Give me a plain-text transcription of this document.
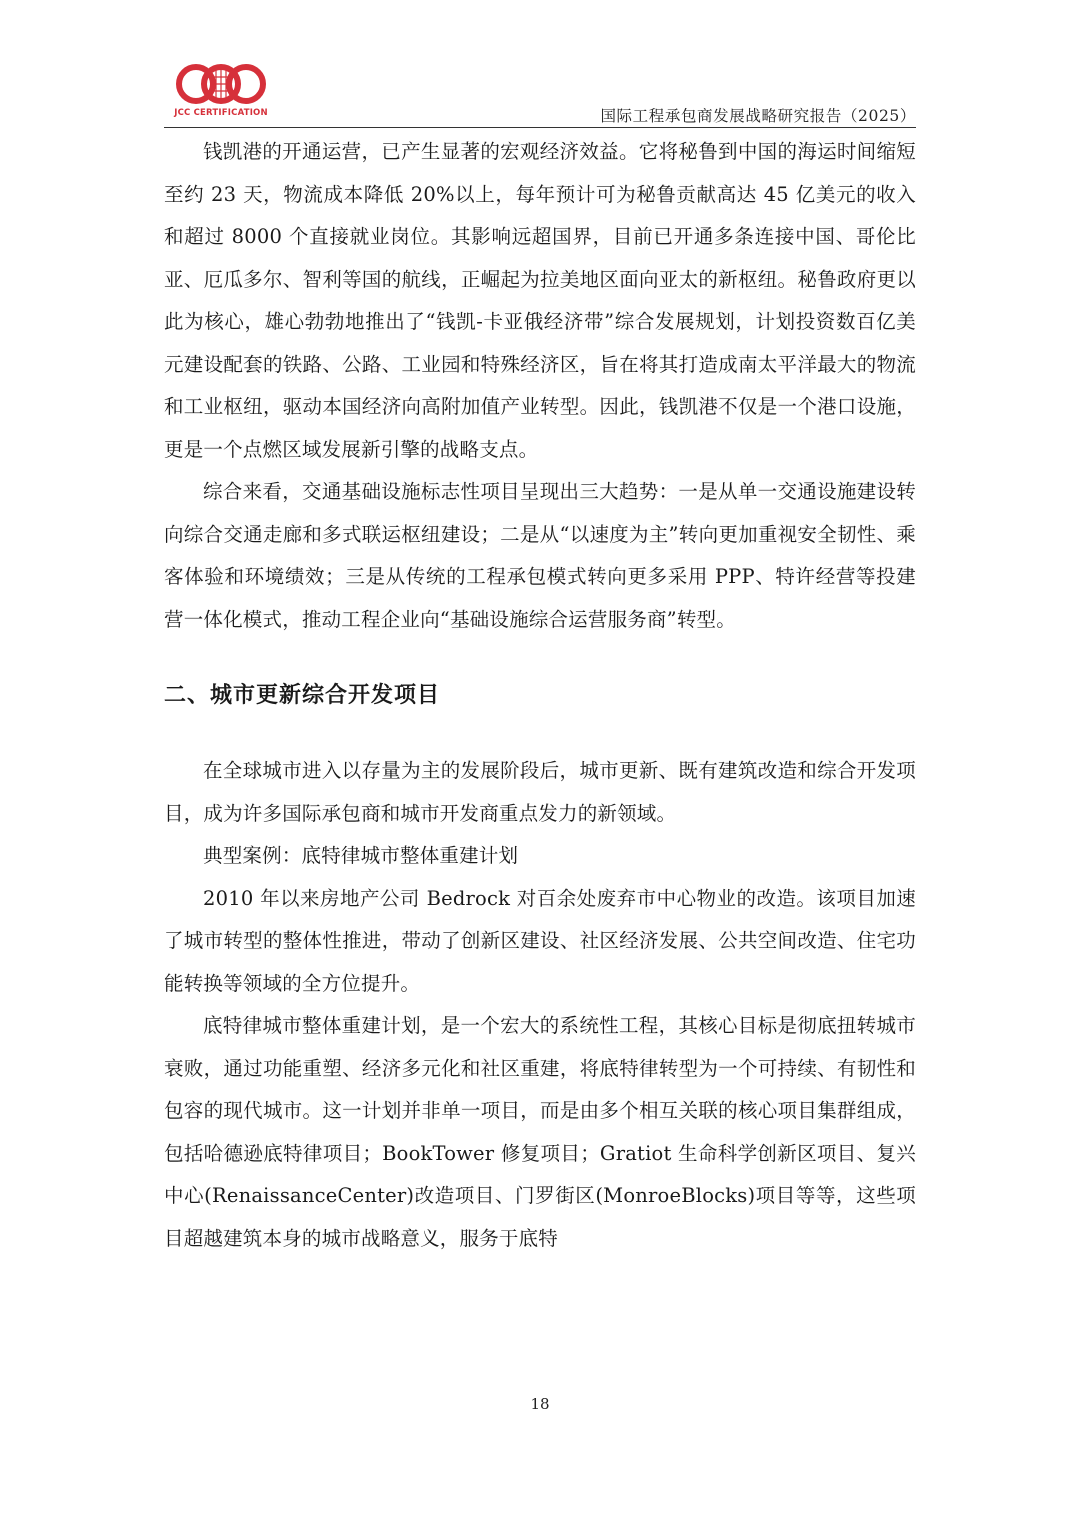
JCC CERTIFICATION	国际工程承包商发展战略研究报告（2025）

钱凯港的开通运营，已产生显著的宏观经济效益。它将秘鲁到中国的海运时间缩短至约 23 天，物流成本降低 20%以上，每年预计可为秘鲁贡献高达 45 亿美元的收入和超过 8000 个直接就业岗位。其影响远超国界，目前已开通多条连接中国、哥伦比亚、厄瓜多尔、智利等国的航线，正崛起为拉美地区面向亚太的新枢纽。秘鲁政府更以此为核心，雄心勃勃地推出了“钱凯-卡亚俄经济带”综合发展规划，计划投资数百亿美元建设配套的铁路、公路、工业园和特殊经济区，旨在将其打造成南太平洋最大的物流和工业枢纽，驱动本国经济向高附加值产业转型。因此，钱凯港不仅是一个港口设施，更是一个点燃区域发展新引擎的战略支点。

综合来看，交通基础设施标志性项目呈现出三大趋势：一是从单一交通设施建设转向综合交通走廊和多式联运枢纽建设；二是从“以速度为主”转向更加重视安全韧性、乘客体验和环境绩效；三是从传统的工程承包模式转向更多采用 PPP、特许经营等投建营一体化模式，推动工程企业向“基础设施综合运营服务商”转型。

二、城市更新综合开发项目

在全球城市进入以存量为主的发展阶段后，城市更新、既有建筑改造和综合开发项目，成为许多国际承包商和城市开发商重点发力的新领域。

典型案例：底特律城市整体重建计划

2010 年以来房地产公司 Bedrock 对百余处废弃市中心物业的改造。该项目加速了城市转型的整体性推进，带动了创新区建设、社区经济发展、公共空间改造、住宅功能转换等领域的全方位提升。

底特律城市整体重建计划，是一个宏大的系统性工程，其核心目标是彻底扭转城市衰败，通过功能重塑、经济多元化和社区重建，将底特律转型为一个可持续、有韧性和包容的现代城市。这一计划并非单一项目，而是由多个相互关联的核心项目集群组成，包括哈德逊底特律项目；BookTower 修复项目；Gratiot 生命科学创新区项目、复兴中心(RenaissanceCenter)改造项目、门罗街区(MonroeBlocks)项目等等，这些项目超越建筑本身的城市战略意义，服务于底特

18
